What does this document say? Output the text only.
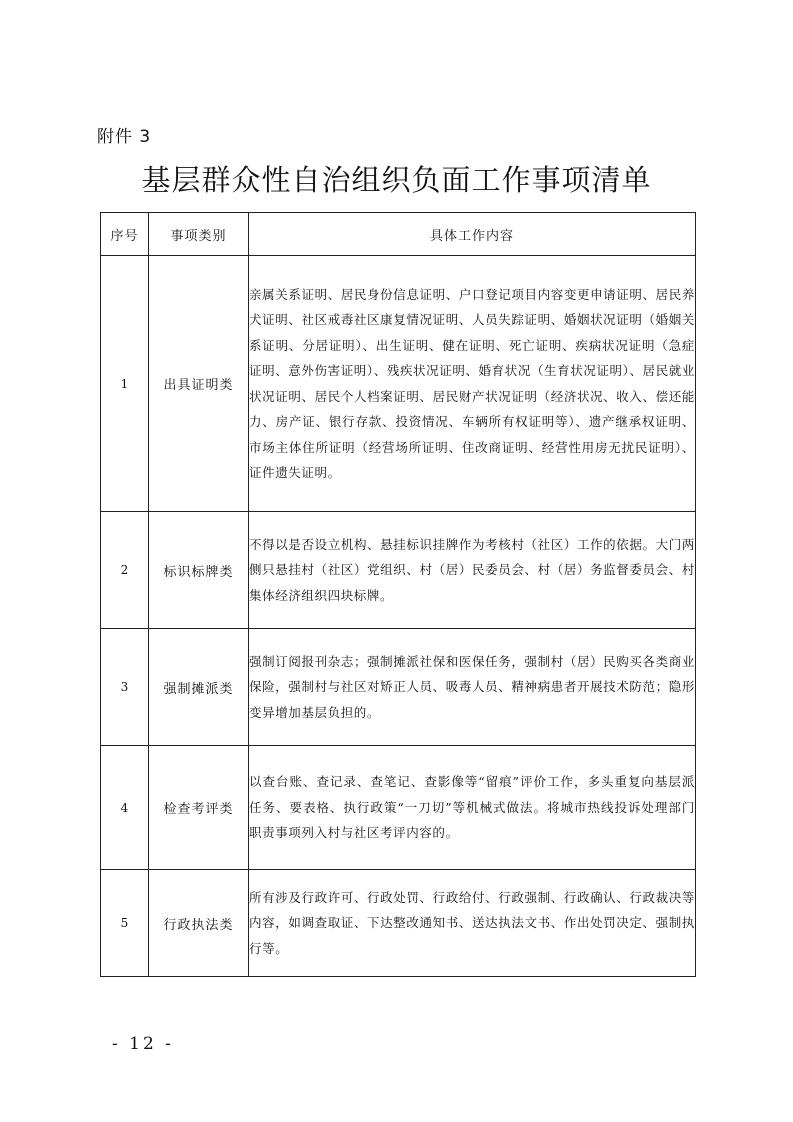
附件 3
基层群众性自治组织负面工作事项清单
序号	事项类别	具体工作内容
1	出具证明类	亲属关系证明、居民身份信息证明、户口登记项目内容变更申请证明、居民养犬证明、社区戒毒社区康复情况证明、人员失踪证明、婚姻状况证明（婚姻关系证明、分居证明）、出生证明、健在证明、死亡证明、疾病状况证明（急症证明、意外伤害证明）、残疾状况证明、婚育状况（生育状况证明）、居民就业状况证明、居民个人档案证明、居民财产状况证明（经济状况、收入、偿还能力、房产证、银行存款、投资情况、车辆所有权证明等）、遗产继承权证明、市场主体住所证明（经营场所证明、住改商证明、经营性用房无扰民证明）、证件遗失证明。
2	标识标牌类	不得以是否设立机构、悬挂标识挂牌作为考核村（社区）工作的依据。大门两侧只悬挂村（社区）党组织、村（居）民委员会、村（居）务监督委员会、村集体经济组织四块标牌。
3	强制摊派类	强制订阅报刊杂志；强制摊派社保和医保任务，强制村（居）民购买各类商业保险，强制村与社区对矫正人员、吸毒人员、精神病患者开展技术防范；隐形变异增加基层负担的。
4	检查考评类	以查台账、查记录、查笔记、查影像等“留痕”评价工作，多头重复向基层派任务、要表格、执行政策“一刀切”等机械式做法。将城市热线投诉处理部门职责事项列入村与社区考评内容的。
5	行政执法类	所有涉及行政许可、行政处罚、行政给付、行政强制、行政确认、行政裁决等内容，如调查取证、下达整改通知书、送达执法文书、作出处罚决定、强制执行等。
- 12 -
